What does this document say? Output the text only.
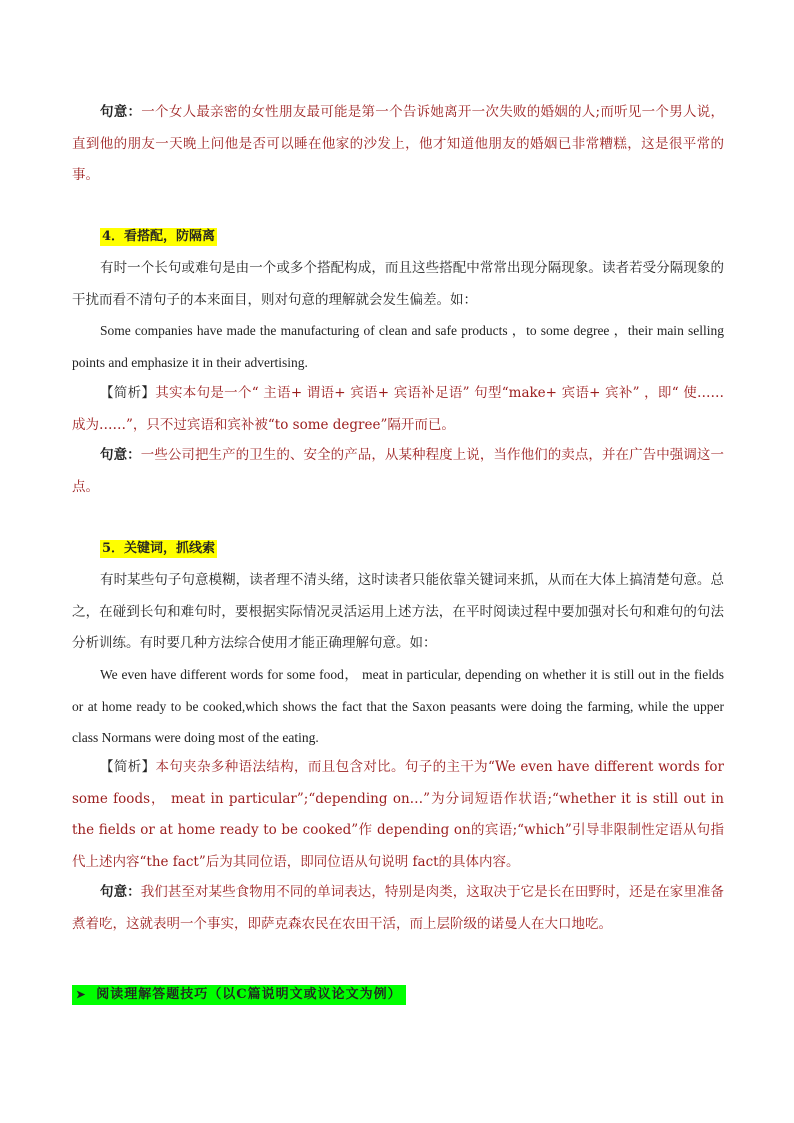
句意：一个女人最亲密的女性朋友最可能是第一个告诉她离开一次失败的婚姻的人;而听见一个男人说，直到他的朋友一天晚上问他是否可以睡在他家的沙发上，他才知道他朋友的婚姻已非常糟糕，这是很平常的事。

4．看搭配，防隔离

有时一个长句或难句是由一个或多个搭配构成，而且这些搭配中常常出现分隔现象。读者若受分隔现象的干扰而看不清句子的本来面目，则对句意的理解就会发生偏差。如：

Some companies have made the manufacturing of clean and safe products ，to some degree ，their main selling points and emphasize it in their advertising.

【简析】其实本句是一个“ 主语+ 谓语+ 宾语+ 宾语补足语” 句型“make+ 宾语+ 宾补” ，即“ 使……成为……”，只不过宾语和宾补被“to some degree”隔开而已。

句意：一些公司把生产的卫生的、安全的产品，从某种程度上说，当作他们的卖点，并在广告中强调这一点。

5．关键词，抓线索

有时某些句子句意模糊，读者理不清头绪，这时读者只能依靠关键词来抓，从而在大体上搞清楚句意。总之，在碰到长句和难句时，要根据实际情况灵活运用上述方法，在平时阅读过程中要加强对长句和难句的句法分析训练。有时要几种方法综合使用才能正确理解句意。如：

We even have different words for some food， meat in particular, depending on whether it is still out in the fields or at home ready to be cooked,which shows the fact that the Saxon peasants were doing the farming, while the upper class Normans were doing most of the eating.

【简析】本句夹杂多种语法结构，而且包含对比。句子的主干为“We even have different words for some foods， meat in particular”;“depending on…”为分词短语作状语;“whether it is still out in the fields or at home ready to be cooked”作 depending on的宾语;“which”引导非限制性定语从句指代上述内容“the fact”后为其同位语，即同位语从句说明 fact的具体内容。

句意：我们甚至对某些食物用不同的单词表达，特别是肉类，这取决于它是长在田野时，还是在家里准备煮着吃，这就表明一个事实，即萨克森农民在农田干活，而上层阶级的诺曼人在大口地吃。

➤ 阅读理解答题技巧（以C篇说明文或议论文为例）
